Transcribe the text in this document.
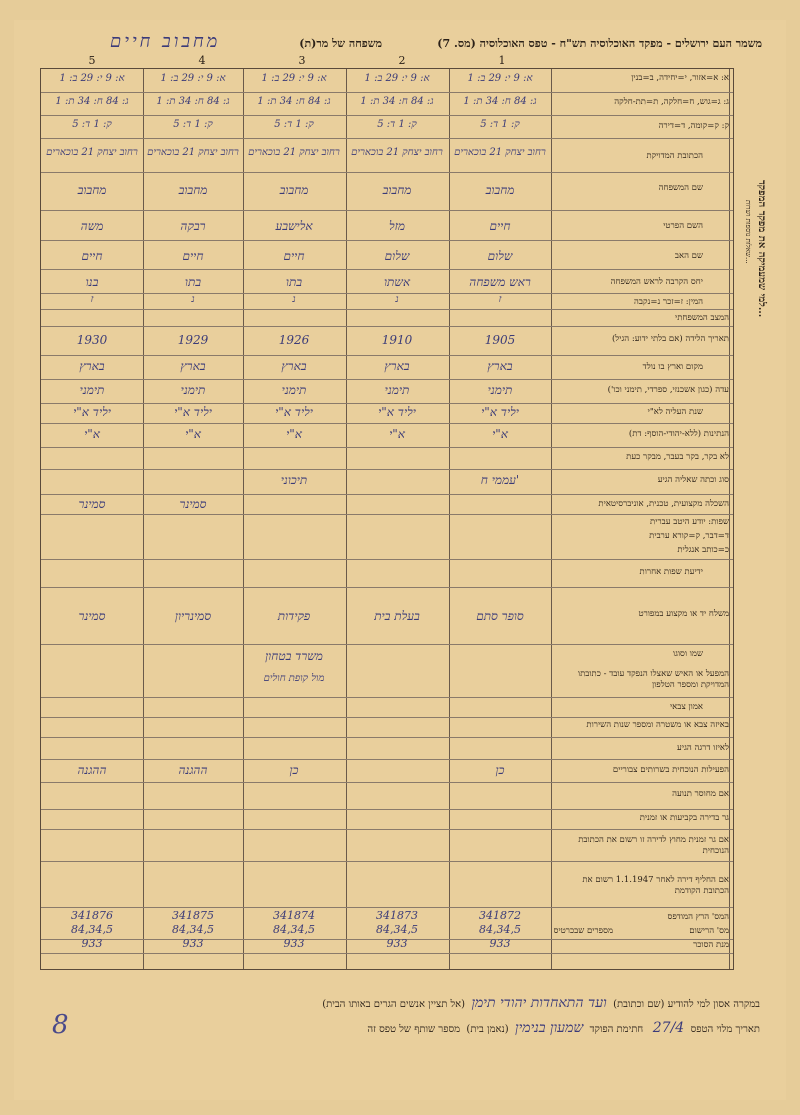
משמר העם ירושלים - מפקד האוכלוסיה תש"ח - טפס האוכלוסיה (מס. 7)
משפחה של מר(ת)
מחבוב חיים
1
2
3
4
5
א: א=אזור, י=יחידה, ב=בנין
ג: ג=גוש, ח=חלקה, ת=תת-חלקה
ק: ק=קומה, ד=דירה
הכתובת המדויקת
שם המשפחה
השם הפרטי
שם האב
יחס הקרבה לראש המשפחה
המין: ז=זכר נ=נקבה
המצב המשפחתי
תאריך הלידה (אם בלתי ידוע: הגיל)
מקום וארץ בו נולד
עדה (כגון אשכנזי, ספרדי, תימני וכו')
שנת העליה לא"י
הנתינות (ללא-יהודי-הוסף: דת)
לא בקר, בקר בעבר, מבקר כעת
סוג וכתה שאליה הגיע
השכלה מקצועית, טכנית, אוניברסיטאית
שפות: יודע היטב עברית
ד=דבר, ק=קורא ערבית
כ=כותב אנגלית
ידיעת שפות אחרות
משלח יד או מקצוע במפורט
שמו וסוגו
המפעל או האיש שאצלו הנפקד עובד - כתובתו המדויקת ומספר הטלפון
אמון צבאי
באיזה צבא או משטרה ומספר שנות השירות
לאיזו דרגה הגיע
הפעילות הנוכחית בשרותים צבוריים
אם מחוסר תנועה
גר בדירה בקביעות או זמנית
אם גר זמנית מחוץ לדירה זו רשום את הכתובת הנוכחית
אם החליף דירה לאחר 1.1.1947 רשום את הכתובת הקודמת
המס' הרץ המודפס
מס' הרישום
מנת הסוכר
מספרים שבכרטיס
א: 9 י: 29 ב: 1
ג: 84 ח: 34 ת: 1
ק: 1 ד: 5
רחוב יצחק 21 בוכארים
מחבוב
חיים
שלום
ראש משפחה
ז
1905
בארץ
תימני
יליד א"י
א"י
עממי ח'
סופר סתם
כן
341872
84,34,5
933
א: 9 י: 29 ב: 1
ג: 84 ח: 34 ת: 1
ק: 1 ד: 5
רחוב יצחק 21 בוכארים
מחבוב
מזל
שלום
אשתו
נ
1910
בארץ
תימני
יליד א"י
א"י
בעלת בית
341873
84,34,5
933
א: 9 י: 29 ב: 1
ג: 84 ח: 34 ת: 1
ק: 1 ד: 5
רחוב יצחק 21 בוכארים
מחבוב
אלישבע
חיים
בתו
נ
1926
בארץ
תימני
יליד א"י
א"י
תיכוני
פקידות
משרד בטחון
מול קופת חולים
כן
341874
84,34,5
933
א: 9 י: 29 ב: 1
ג: 84 ח: 34 ת: 1
ק: 1 ד: 5
רחוב יצחק 21 בוכארים
מחבוב
רבקה
חיים
בתו
נ
1929
בארץ
תימני
יליד א"י
א"י
סמינר
סמינריון
ההגנה
341875
84,34,5
933
א: 9 י: 29 ב: 1
ג: 84 ח: 34 ת: 1
ק: 1 ד: 5
רחוב יצחק 21 בוכארים
מחבוב
משה
חיים
בנו
ז
1930
בארץ
תימני
יליד א"י
א"י
סמינר
סמינר
ההגנה
341876
84,34,5
933
למי שמעמיקה את מפקד המפקד...
שאלות נוספות ושרות...
במקרה אסון למי להודיע (שם וכתובת)  ועד התאחדות יהודי תימן  (אל תציין אנשים הגרים באותו הבית)
תאריך מלוי הטפס  27/4   חתימת הפוקד  שמעון בנימין  (נאמן בית)  מספר שותף של טפס זה
8
